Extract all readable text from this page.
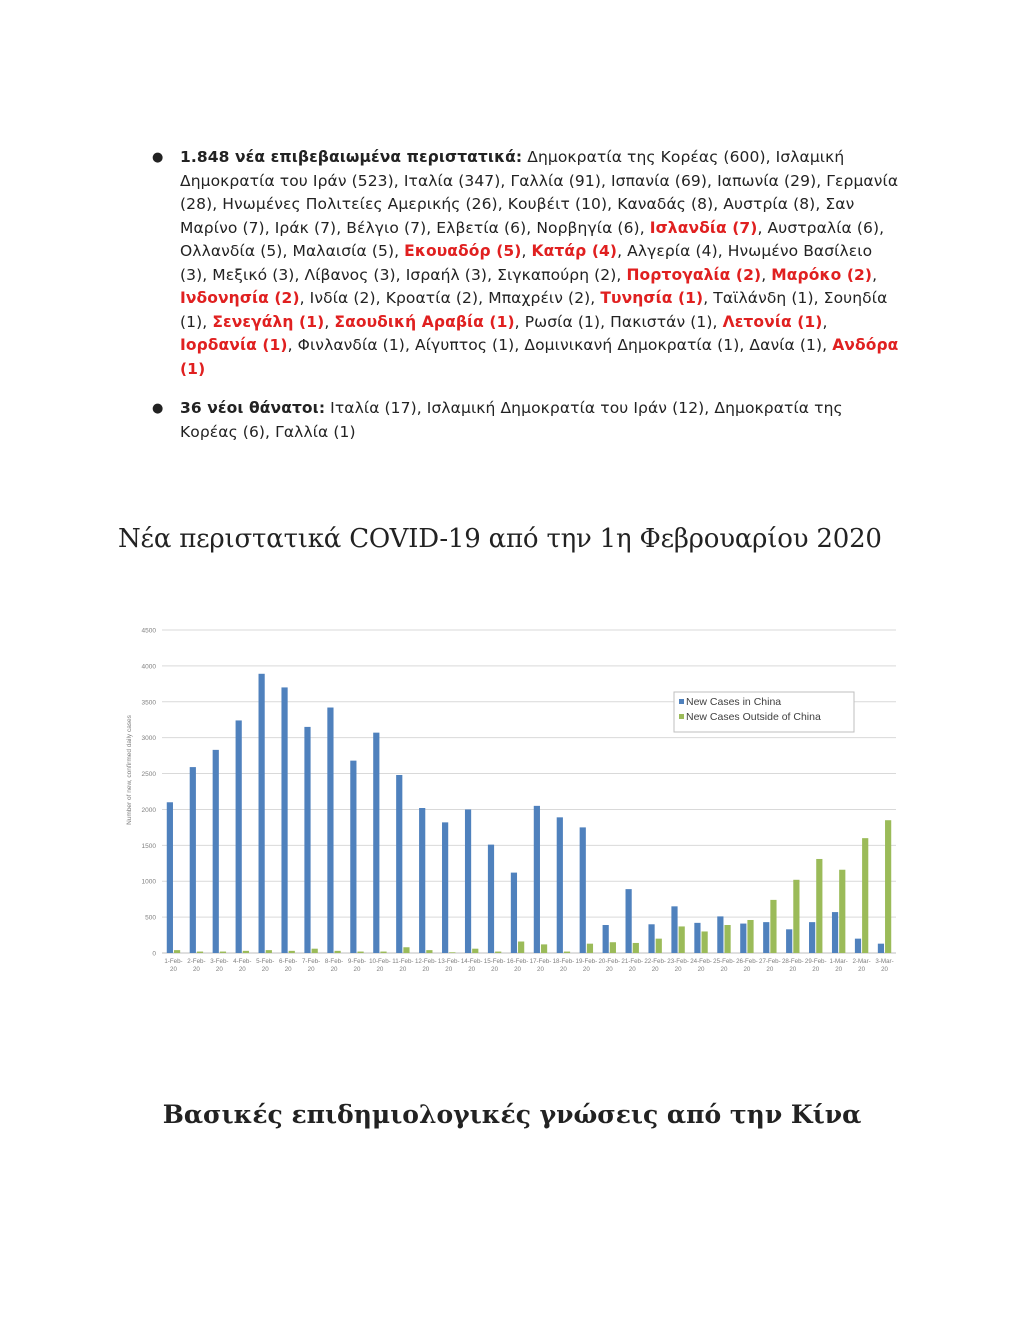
● 1.848 νέα επιβεβαιωμένα περιστατικά: Δημοκρατία της Κορέας (600), Ισλαμική Δημοκρατία του Ιράν (523), Ιταλία (347), Γαλλία (91), Ισπανία (69), Ιαπωνία (29), Γερμανία (28), Ηνωμένες Πολιτείες Αμερικής (26), Κουβέιτ (10), Καναδάς (8), Αυστρία (8), Σαν Μαρίνο (7), Ιράκ (7), Βέλγιο (7), Ελβετία (6), Νορβηγία (6), Ισλανδία (7), Αυστραλία (6), Ολλανδία (5), Μαλαισία (5), Εκουαδόρ (5), Κατάρ (4), Αλγερία (4), Ηνωμένο Βασίλειο (3), Μεξικό (3), Λίβανος (3), Ισραήλ (3), Σιγκαπούρη (2), Πορτογαλία (2), Μαρόκο (2), Ινδονησία (2), Ινδία (2), Κροατία (2), Μπαχρέιν (2), Τυνησία (1), Ταϊλάνδη (1), Σουηδία (1), Σενεγάλη (1), Σαουδική Αραβία (1), Ρωσία (1), Πακιστάν (1), Λετονία (1), Ιορδανία (1), Φινλανδία (1), Αίγυπτος (1), Δομινικανή Δημοκρατία (1), Δανία (1), Ανδόρα (1)
● 36 νέοι θάνατοι: Ιταλία (17), Ισλαμική Δημοκρατία του Ιράν (12), Δημοκρατία της Κορέας (6), Γαλλία (1)
Νέα περιστατικά COVID-19 από την 1η Φεβρουαρίου 2020
0
500
1000
1500
2000
2500
3000
3500
4000
4500
1-Feb-20
2-Feb-20
3-Feb-20
4-Feb-20
5-Feb-20
6-Feb-20
7-Feb-20
8-Feb-20
9-Feb-20
10-Feb-20
11-Feb-20
12-Feb-20
13-Feb-20
14-Feb-20
15-Feb-20
16-Feb-20
17-Feb-20
18-Feb-20
19-Feb-20
20-Feb-20
21-Feb-20
22-Feb-20
23-Feb-20
24-Feb-20
25-Feb-20
26-Feb-20
27-Feb-20
28-Feb-20
29-Feb-20
1-Mar-20
2-Mar-20
3-Mar-20
New Cases in China
New Cases Outside of China
Number of new, confirmed daily cases
Βασικές επιδημιολογικές γνώσεις από την Κίνα
